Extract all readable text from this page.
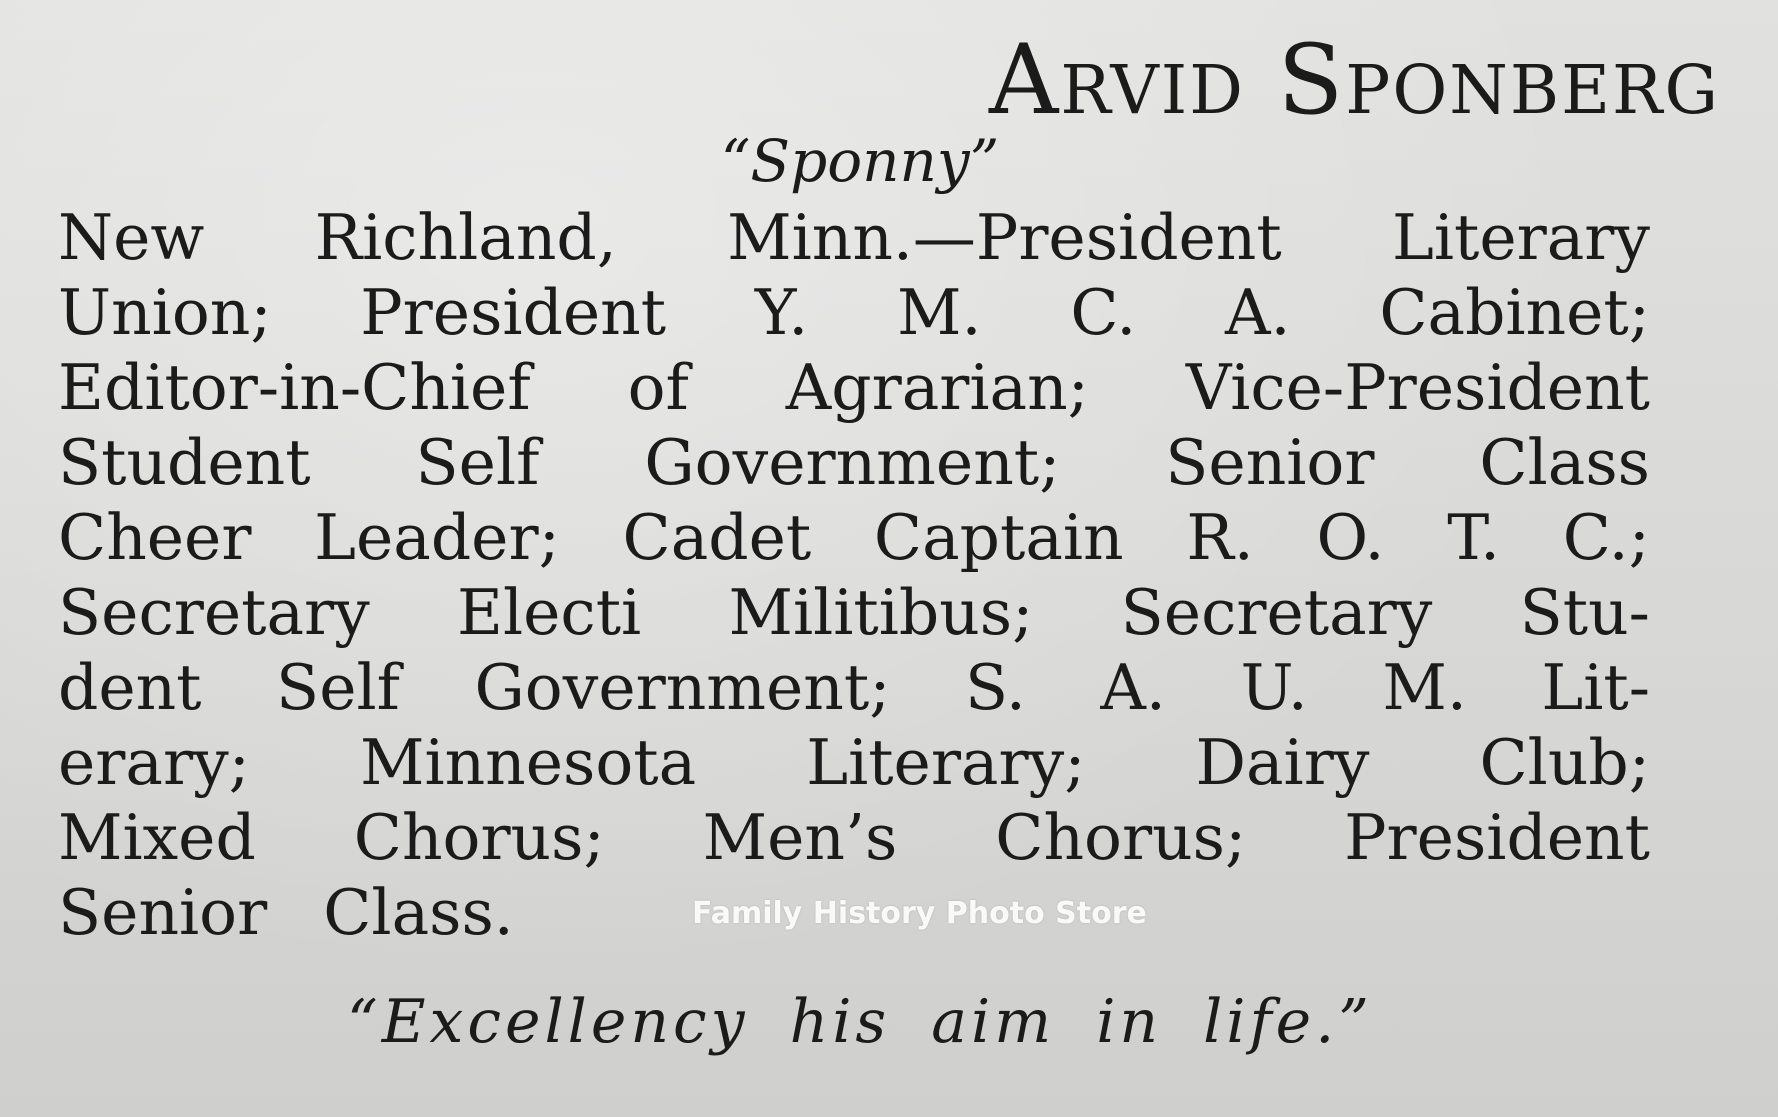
Arvid Sponberg

“Sponny”

New Richland, Minn.—President Literary
Union; President Y. M. C. A. Cabinet;
Editor-in-Chief of Agrarian; Vice-President
Student Self Government; Senior Class
Cheer Leader; Cadet Captain R. O. T. C.;
Secretary Electi Militibus; Secretary Stu-
dent Self Government; S. A. U. M. Lit-
erary; Minnesota Literary; Dairy Club;
Mixed Chorus; Men’s Chorus; President
Senior Class.	Family History Photo Store

“Excellency his aim in life.”
